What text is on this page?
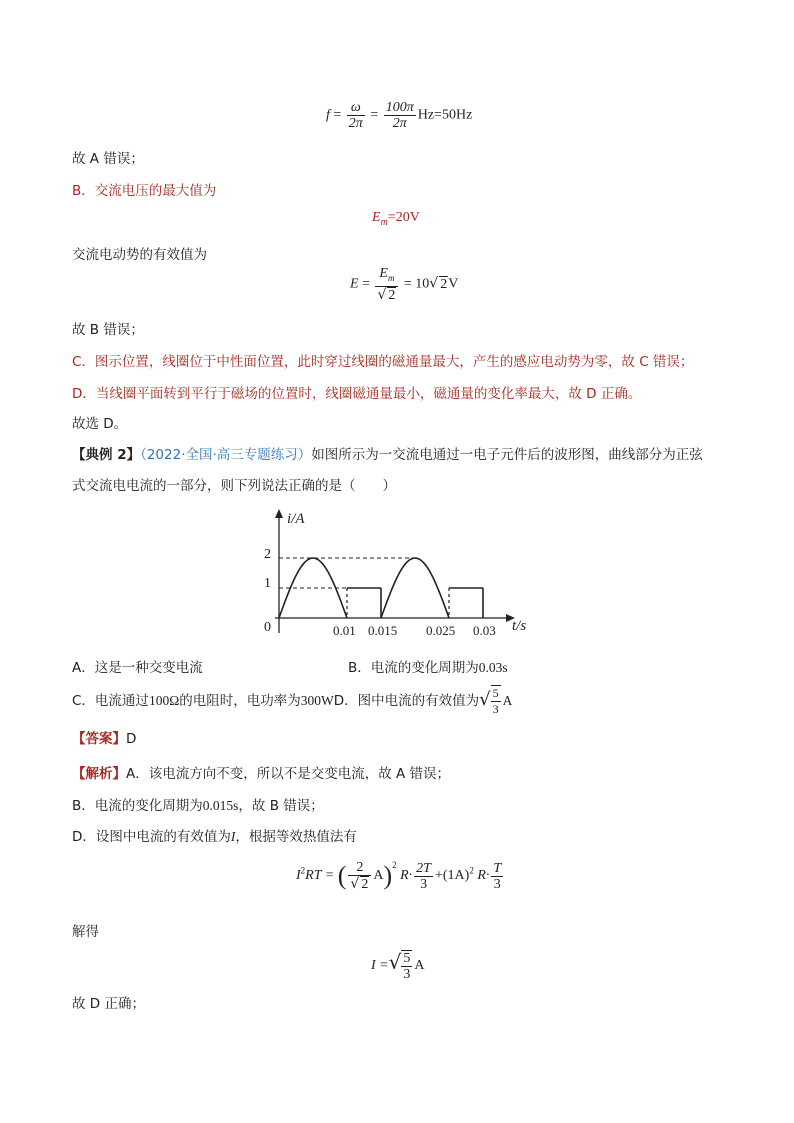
$f = \frac{\omega}{2\pi} = \frac{100\pi}{2\pi} Hz=50Hz$
故 A 错误；
B．交流电压的最大值为
$E_m=20V$
交流电动势的有效值为
$E = \frac{E_m}{√ 2} = 10√$ 2V
故 B 错误；
C．图示位置，线圈位于中性面位置，此时穿过线圈的磁通量最大，产生的感应电动势为零，故 C 错误；
D．当线圈平面转到平行于磁场的位置时，线圈磁通量最小，磁通量的变化率最大，故 D 正确。
故选 D。
【典例 2】（2022·全国·高三专题练习）如图所示为一交流电通过一电子元件后的波形图，曲线部分为正弦
式交流电电流的一部分，则下列说法正确的是（　　）
i/A
t/s
2
1
0	0.01 0.015 0.025 0.03
A．这是一种交变电流	B．电流的变化周期为0.03s
C．电流通过100Ω的电阻时，电功率为300WD．图中电流的有效值为√ $\frac{5}{3}$ A
【答案】D
【解析】A．该电流方向不变，所以不是交变电流，故 A 错误；
B．电流的变化周期为0.015s，故 B 错误；
D．设图中电流的有效值为I，根据等效热值法有
$I^2RT$ = ( $\frac{2}{√ 2} A)^2$ $R\cdot \frac{2T}{3} +(1A)^2$ $R\cdot \frac{T}{3}$
解得
I =√ $\frac{5}{3}$ A
故 D 正确；
